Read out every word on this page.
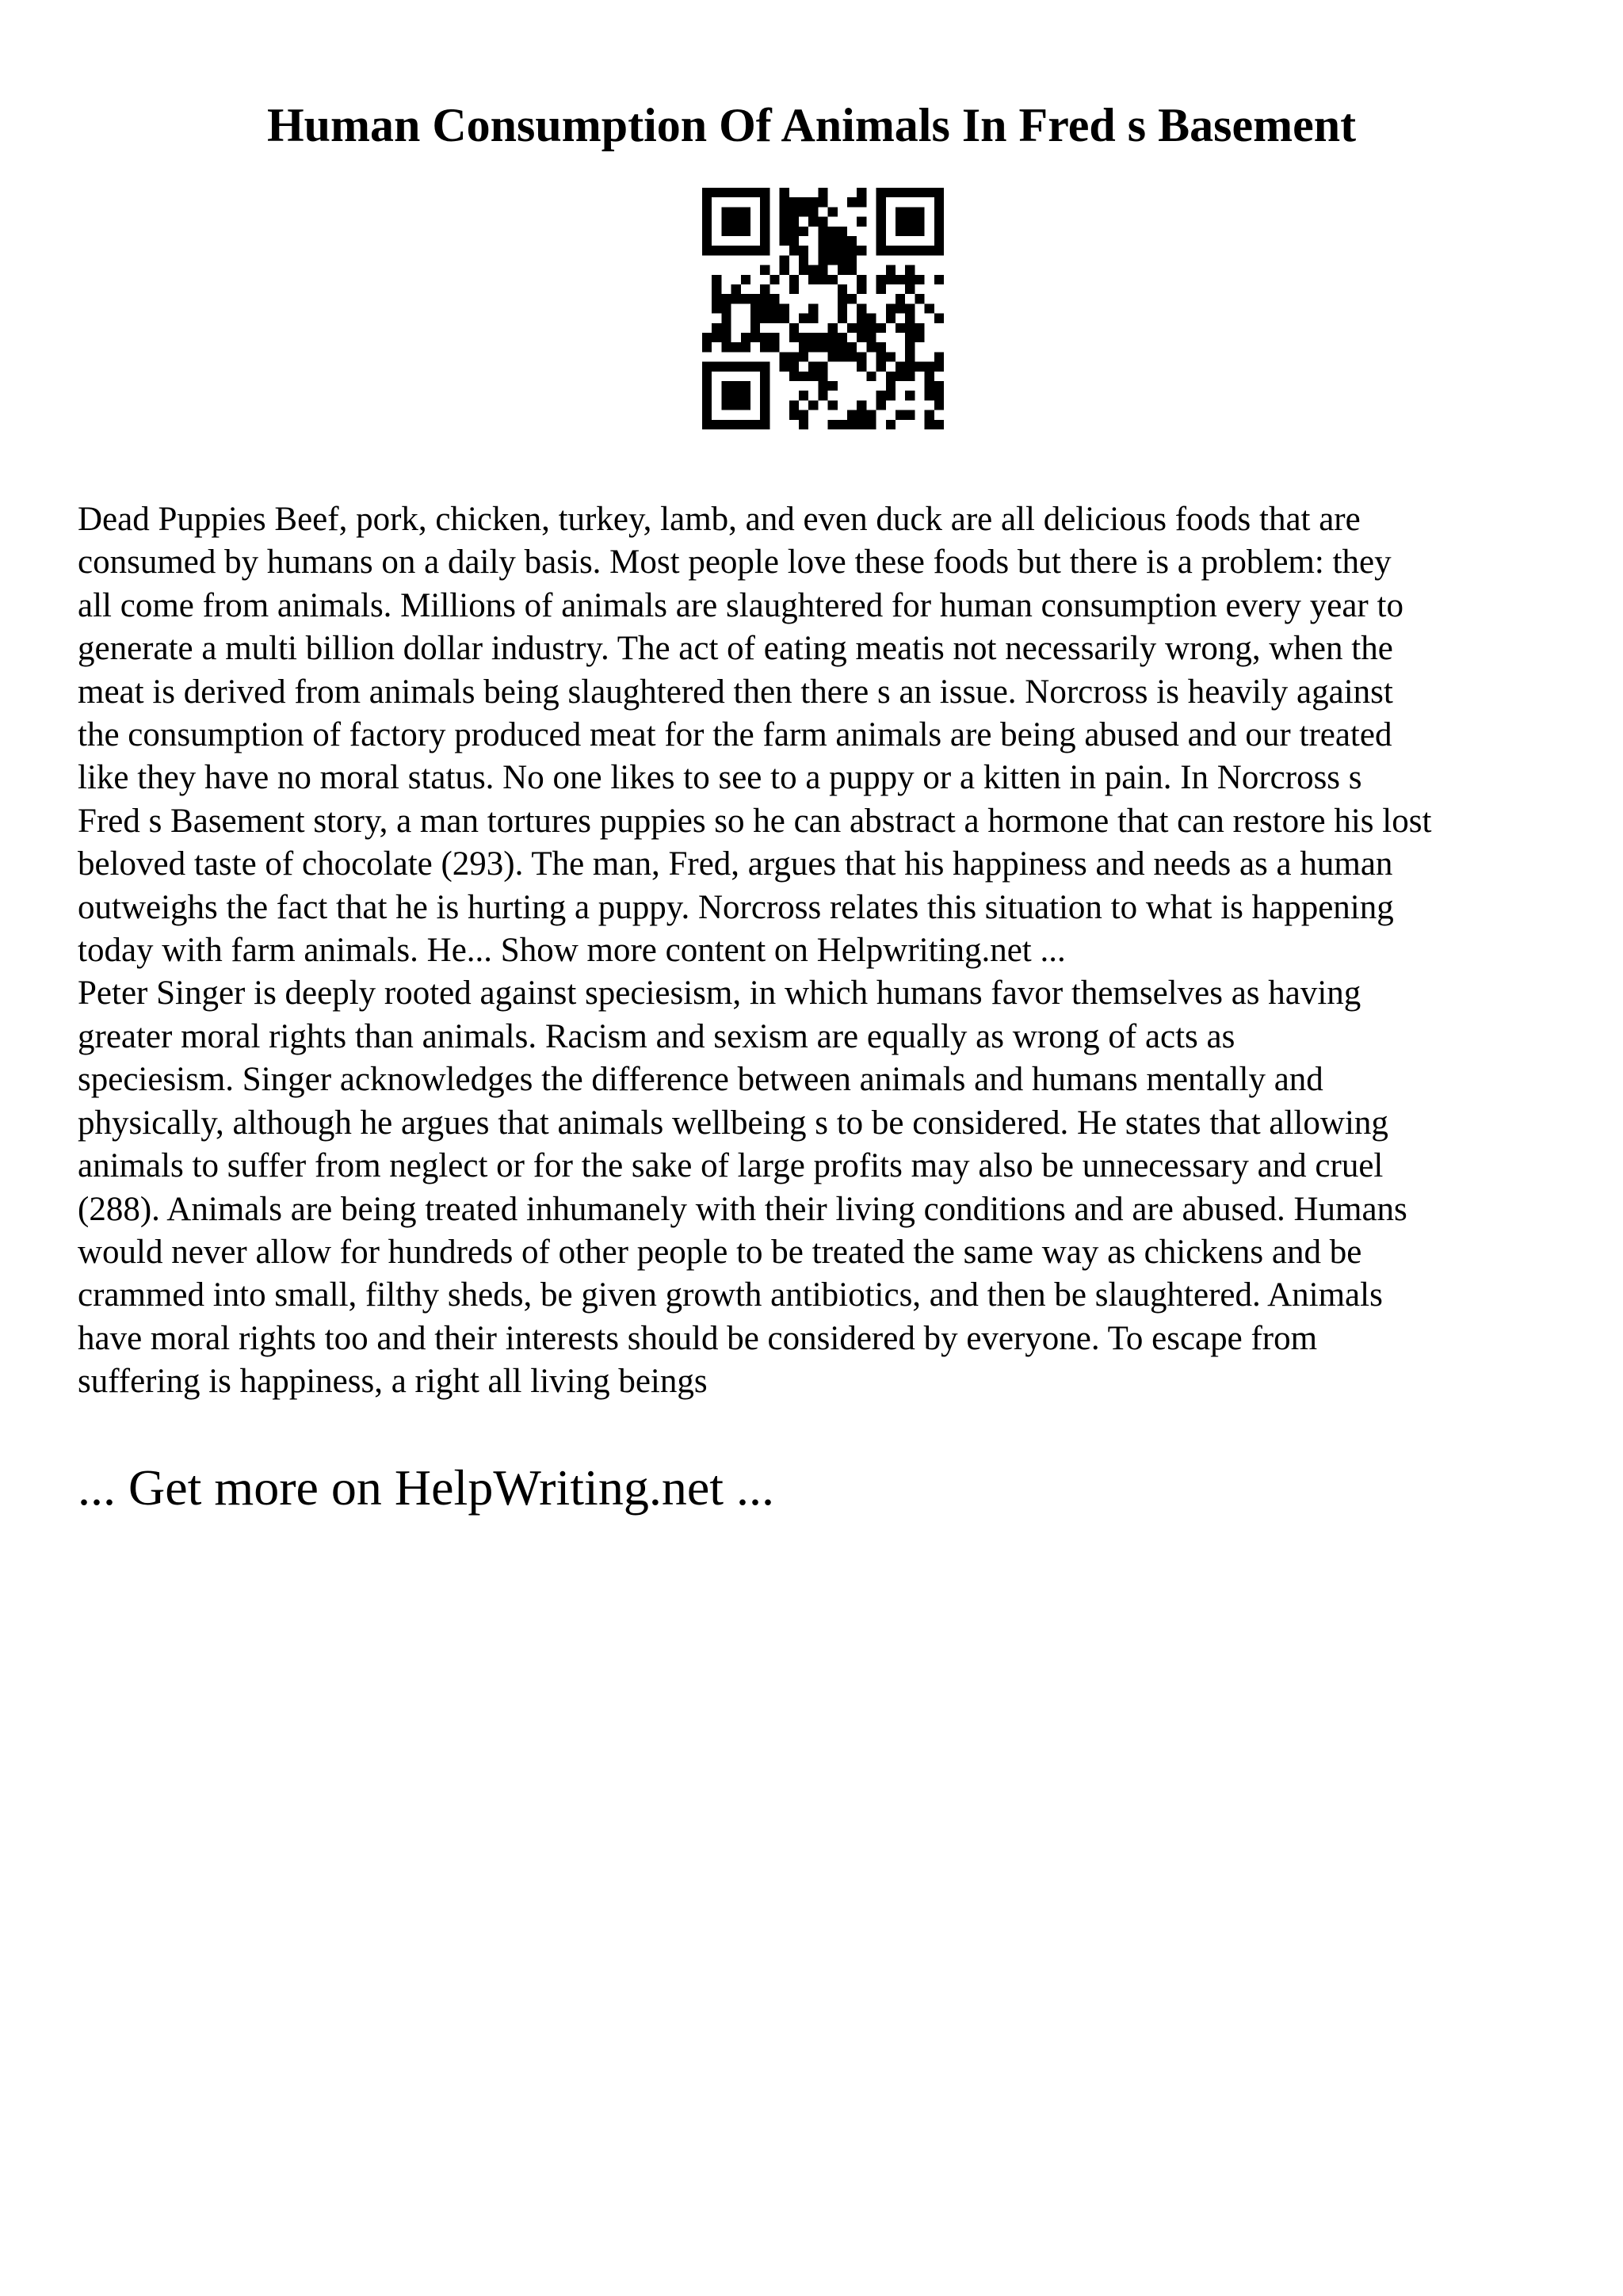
Human Consumption Of Animals In Fred s Basement

Dead Puppies Beef, pork, chicken, turkey, lamb, and even duck are all delicious foods that are
consumed by humans on a daily basis. Most people love these foods but there is a problem: they
all come from animals. Millions of animals are slaughtered for human consumption every year to
generate a multi billion dollar industry. The act of eating meatis not necessarily wrong, when the
meat is derived from animals being slaughtered then there s an issue. Norcross is heavily against
the consumption of factory produced meat for the farm animals are being abused and our treated
like they have no moral status. No one likes to see to a puppy or a kitten in pain. In Norcross s
Fred s Basement story, a man tortures puppies so he can abstract a hormone that can restore his lost
beloved taste of chocolate (293). The man, Fred, argues that his happiness and needs as a human
outweighs the fact that he is hurting a puppy. Norcross relates this situation to what is happening
today with farm animals. He... Show more content on Helpwriting.net ...

Peter Singer is deeply rooted against speciesism, in which humans favor themselves as having
greater moral rights than animals. Racism and sexism are equally as wrong of acts as
speciesism. Singer acknowledges the difference between animals and humans mentally and
physically, although he argues that animals wellbeing s to be considered. He states that allowing
animals to suffer from neglect or for the sake of large profits may also be unnecessary and cruel
(288). Animals are being treated inhumanely with their living conditions and are abused. Humans
would never allow for hundreds of other people to be treated the same way as chickens and be
crammed into small, filthy sheds, be given growth antibiotics, and then be slaughtered. Animals
have moral rights too and their interests should be considered by everyone. To escape from
suffering is happiness, a right all living beings

... Get more on HelpWriting.net ...
